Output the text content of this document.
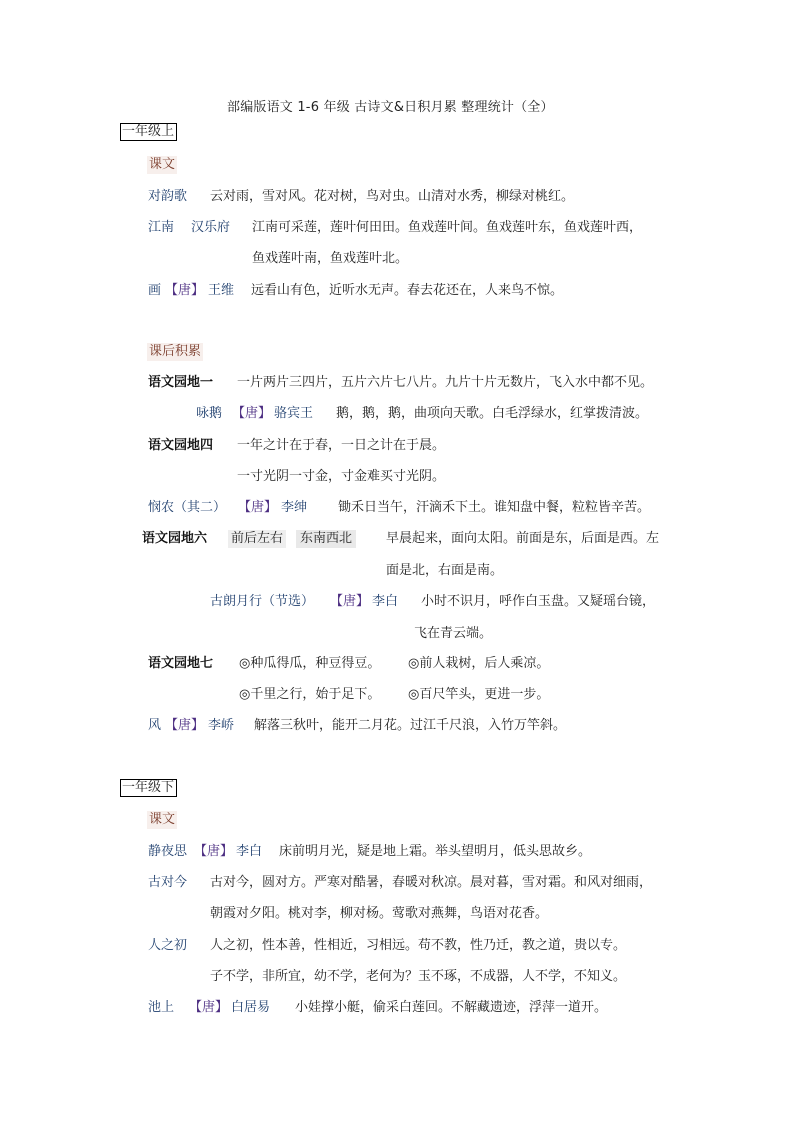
部编版语文 1-6 年级 古诗文&日积月累 整理统计（全）
一年级上
课文
对韵歌 云对雨，雪对风。花对树，鸟对虫。山清对水秀，柳绿对桃红。
江南 汉乐府 江南可采莲，莲叶何田田。鱼戏莲叶间。鱼戏莲叶东，鱼戏莲叶西，
鱼戏莲叶南，鱼戏莲叶北。
画 【唐】 王维 远看山有色，近听水无声。春去花还在，人来鸟不惊。
课后积累
语文园地一 一片两片三四片，五片六片七八片。九片十片无数片，飞入水中都不见。
咏鹅 【唐】 骆宾王 鹅，鹅，鹅，曲项向天歌。白毛浮绿水，红掌拨清波。
语文园地四 一年之计在于春，一日之计在于晨。
一寸光阴一寸金，寸金难买寸光阴。
悯农（其二） 【唐】 李绅 锄禾日当午，汗滴禾下土。谁知盘中餐，粒粒皆辛苦。
语文园地六 前后左右	东南西北	早晨起来，面向太阳。前面是东，后面是西。左
面是北，右面是南。
古朗月行（节选） 【唐】 李白 小时不识月，呼作白玉盘。又疑瑶台镜，
飞在青云端。
语文园地七 ◎种瓜得瓜，种豆得豆。 ◎前人栽树，后人乘凉。
◎千里之行，始于足下。 ◎百尺竿头，更进一步。
风 【唐】 李峤 解落三秋叶，能开二月花。过江千尺浪，入竹万竿斜。
一年级下
课文
静夜思 【唐】 李白 床前明月光，疑是地上霜。举头望明月，低头思故乡。
古对今 古对今，圆对方。严寒对酷暑，春暖对秋凉。晨对暮，雪对霜。和风对细雨，
朝霞对夕阳。桃对李，柳对杨。莺歌对燕舞，鸟语对花香。
人之初 人之初，性本善，性相近，习相远。苟不教，性乃迁，教之道，贵以专。
子不学，非所宜，幼不学，老何为？玉不琢，不成器，人不学，不知义。
池上 【唐】 白居易 小娃撑小艇，偷采白莲回。不解藏遗迹，浮萍一道开。
